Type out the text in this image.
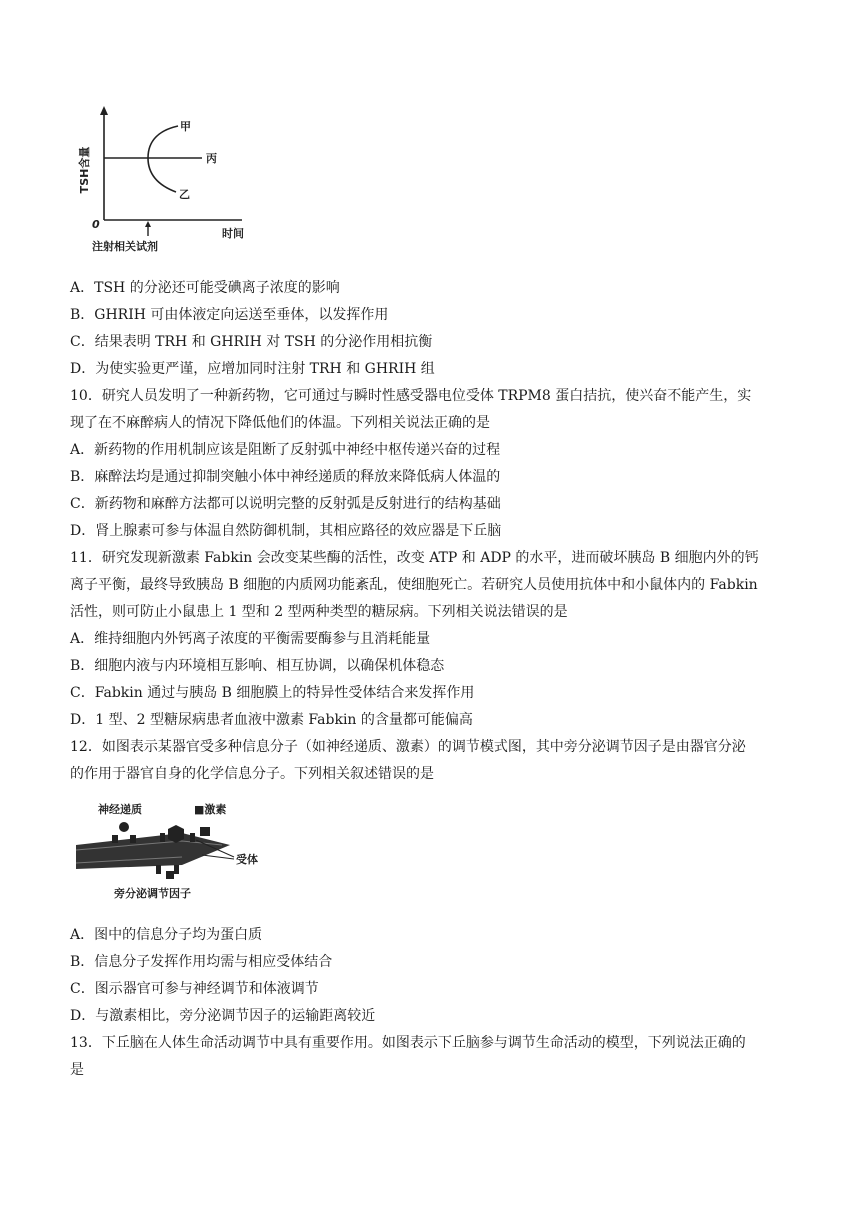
TSH含量
0
时间
注射相关试剂
甲
丙
乙
A．TSH 的分泌还可能受碘离子浓度的影响
B．GHRIH 可由体液定向运送至垂体，以发挥作用
C．结果表明 TRH 和 GHRIH 对 TSH 的分泌作用相抗衡
D．为使实验更严谨，应增加同时注射 TRH 和 GHRIH 组
10．研究人员发明了一种新药物，它可通过与瞬时性感受器电位受体 TRPM8 蛋白拮抗，使兴奋不能产生，实
现了在不麻醉病人的情况下降低他们的体温。下列相关说法正确的是
A．新药物的作用机制应该是阻断了反射弧中神经中枢传递兴奋的过程
B．麻醉法均是通过抑制突触小体中神经递质的释放来降低病人体温的
C．新药物和麻醉方法都可以说明完整的反射弧是反射进行的结构基础
D．肾上腺素可参与体温自然防御机制，其相应路径的效应器是下丘脑
11．研究发现新激素 Fabkin 会改变某些酶的活性，改变 ATP 和 ADP 的水平，进而破坏胰岛 B 细胞内外的钙
离子平衡，最终导致胰岛 B 细胞的内质网功能紊乱，使细胞死亡。若研究人员使用抗体中和小鼠体内的 Fabkin
活性，则可防止小鼠患上 1 型和 2 型两种类型的糖尿病。下列相关说法错误的是
A．维持细胞内外钙离子浓度的平衡需要酶参与且消耗能量
B．细胞内液与内环境相互影响、相互协调，以确保机体稳态
C．Fabkin 通过与胰岛 B 细胞膜上的特异性受体结合来发挥作用
D．1 型、2 型糖尿病患者血液中激素 Fabkin 的含量都可能偏高
12．如图表示某器官受多种信息分子（如神经递质、激素）的调节模式图，其中旁分泌调节因子是由器官分泌
的作用于器官自身的化学信息分子。下列相关叙述错误的是
神经递质	■激素
受体
旁分泌调节因子
A．图中的信息分子均为蛋白质
B．信息分子发挥作用均需与相应受体结合
C．图示器官可参与神经调节和体液调节
D．与激素相比，旁分泌调节因子的运输距离较近
13．下丘脑在人体生命活动调节中具有重要作用。如图表示下丘脑参与调节生命活动的模型，下列说法正确的
是
